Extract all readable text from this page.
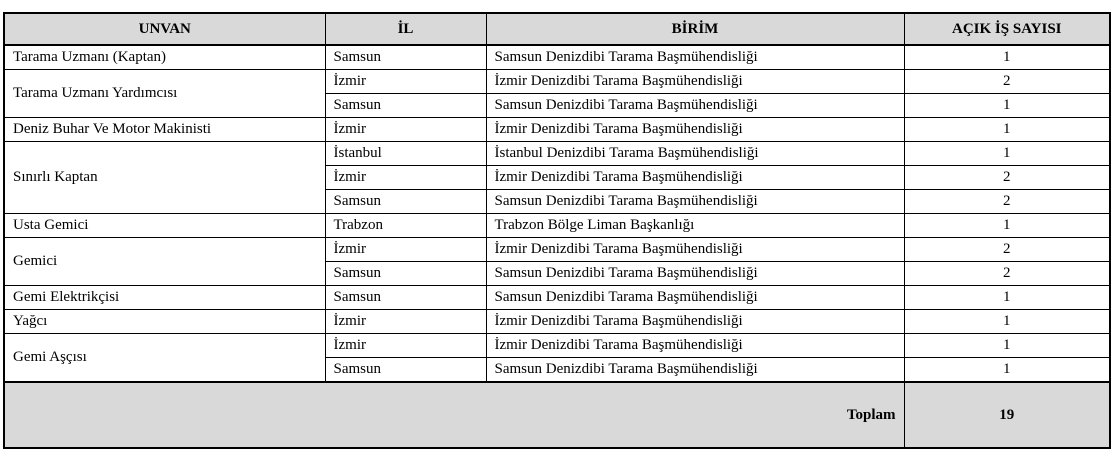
UNVAN	İL	BİRİM	AÇIK İŞ SAYISI
Tarama Uzmanı (Kaptan)	Samsun	Samsun Denizdibi Tarama Başmühendisliği	1
Tarama Uzmanı Yardımcısı	İzmir	İzmir Denizdibi Tarama Başmühendisliği	2
	Samsun	Samsun Denizdibi Tarama Başmühendisliği	1
Deniz Buhar Ve Motor Makinisti	İzmir	İzmir Denizdibi Tarama Başmühendisliği	1
Sınırlı Kaptan	İstanbul	İstanbul Denizdibi Tarama Başmühendisliği	1
	İzmir	İzmir Denizdibi Tarama Başmühendisliği	2
	Samsun	Samsun Denizdibi Tarama Başmühendisliği	2
Usta Gemici	Trabzon	Trabzon Bölge Liman Başkanlığı	1
Gemici	İzmir	İzmir Denizdibi Tarama Başmühendisliği	2
	Samsun	Samsun Denizdibi Tarama Başmühendisliği	2
Gemi Elektrikçisi	Samsun	Samsun Denizdibi Tarama Başmühendisliği	1
Yağcı	İzmir	İzmir Denizdibi Tarama Başmühendisliği	1
Gemi Aşçısı	İzmir	İzmir Denizdibi Tarama Başmühendisliği	1
	Samsun	Samsun Denizdibi Tarama Başmühendisliği	1
		Toplam	19
